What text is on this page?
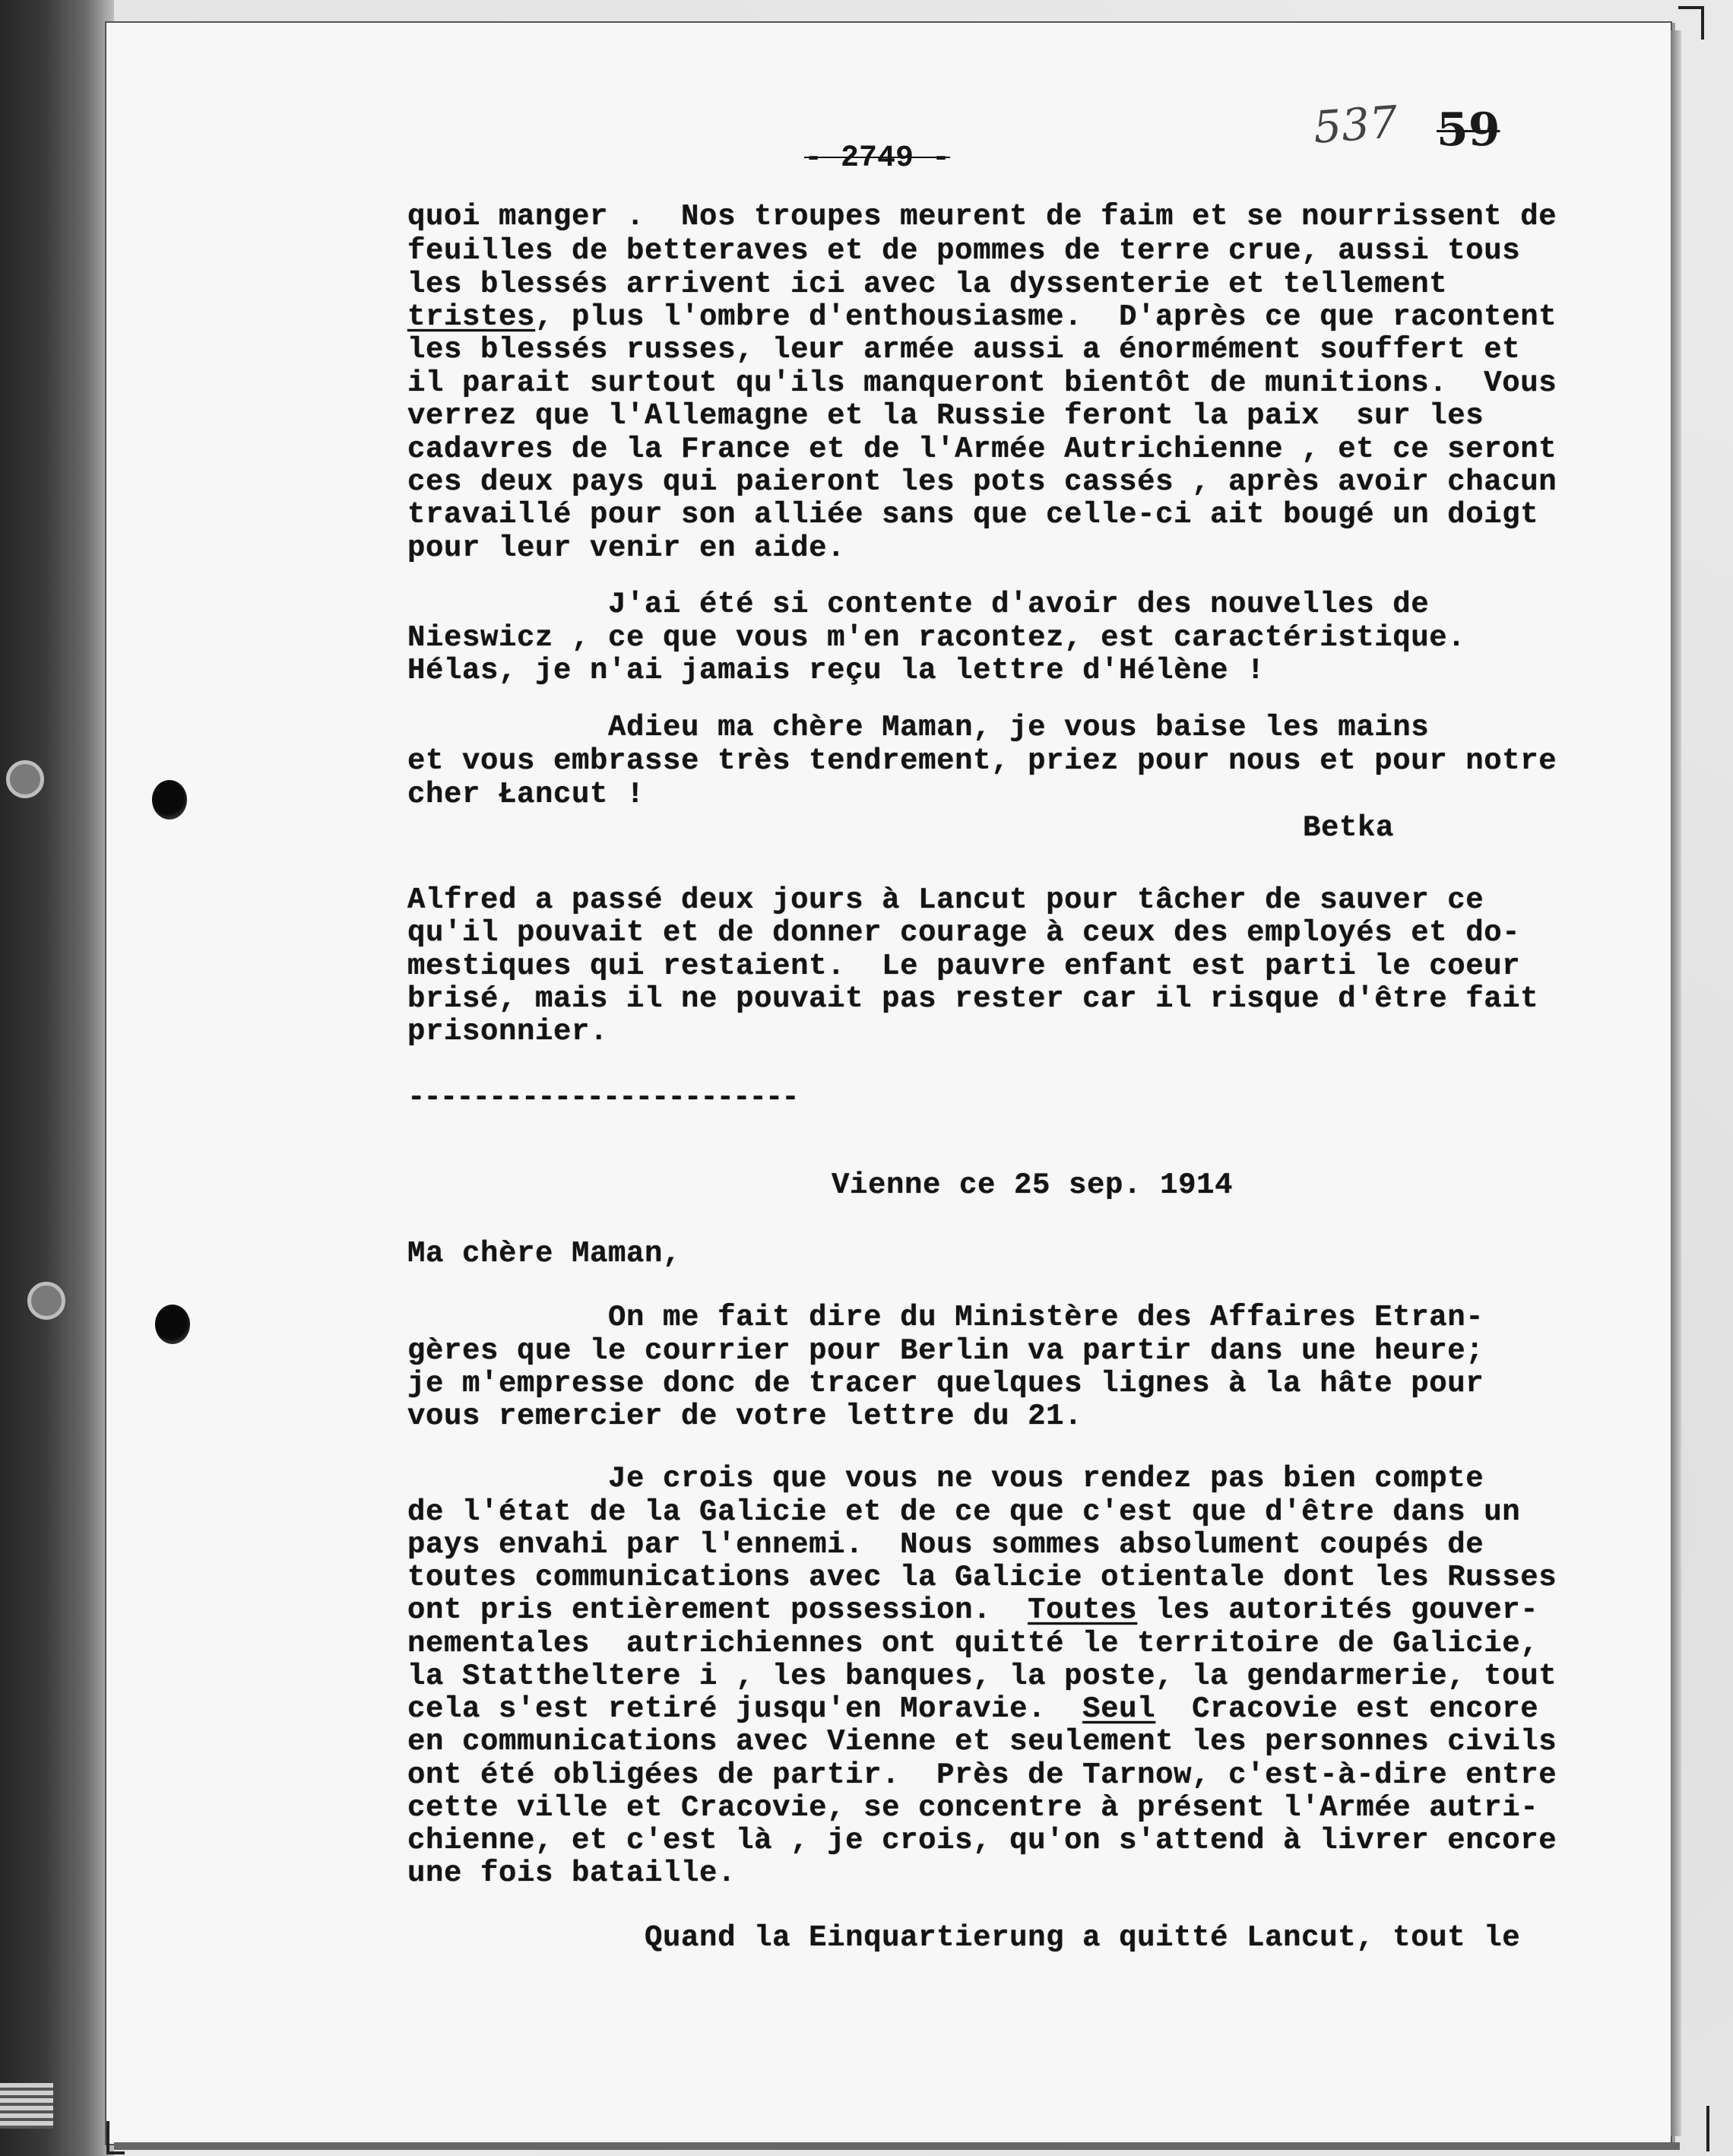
537 59
- 2749 -
quoi manger .  Nos troupes meurent de faim et se nourrissent de
feuilles de betteraves et de pommes de terre crue, aussi tous
les blessés arrivent ici avec la dyssenterie et tellement
tristes, plus l'ombre d'enthousiasme.  D'après ce que racontent
les blessés russes, leur armée aussi a énormément souffert et
il parait surtout qu'ils manqueront bientôt de munitions.  Vous
verrez que l'Allemagne et la Russie feront la paix  sur les
cadavres de la France et de l'Armée Autrichienne , et ce seront
ces deux pays qui paieront les pots cassés , après avoir chacun
travaillé pour son alliée sans que celle-ci ait bougé un doigt
pour leur venir en aide.
J'ai été si contente d'avoir des nouvelles de
Nieswicz , ce que vous m'en racontez, est caractéristique.
Hélas, je n'ai jamais reçu la lettre d'Hélène !
Adieu ma chère Maman, je vous baise les mains
et vous embrasse très tendrement, priez pour nous et pour notre
cher Łancut !
Betka
Alfred a passé deux jours à Lancut pour tâcher de sauver ce
qu'il pouvait et de donner courage à ceux des employés et do-
mestiques qui restaient.  Le pauvre enfant est parti le coeur
brisé, mais il ne pouvait pas rester car il risque d'être fait
prisonnier.
------------------------
Vienne ce 25 sep. 1914
Ma chère Maman,
On me fait dire du Ministère des Affaires Etran-
gères que le courrier pour Berlin va partir dans une heure;
je m'empresse donc de tracer quelques lignes à la hâte pour
vous remercier de votre lettre du 21.
Je crois que vous ne vous rendez pas bien compte
de l'état de la Galicie et de ce que c'est que d'être dans un
pays envahi par l'ennemi.  Nous sommes absolument coupés de
toutes communications avec la Galicie otientale dont les Russes
ont pris entièrement possession.  Toutes les autorités gouver-
nementales  autrichiennes ont quitté le territoire de Galicie,
la Stattheltere i , les banques, la poste, la gendarmerie, tout
cela s'est retiré jusqu'en Moravie.  Seul  Cracovie est encore
en communications avec Vienne et seulement les personnes civils
ont été obligées de partir.  Près de Tarnow, c'est-à-dire entre
cette ville et Cracovie, se concentre à présent l'Armée autri-
chienne, et c'est là , je crois, qu'on s'attend à livrer encore
une fois bataille.
Quand la Einquartierung a quitté Lancut, tout le
